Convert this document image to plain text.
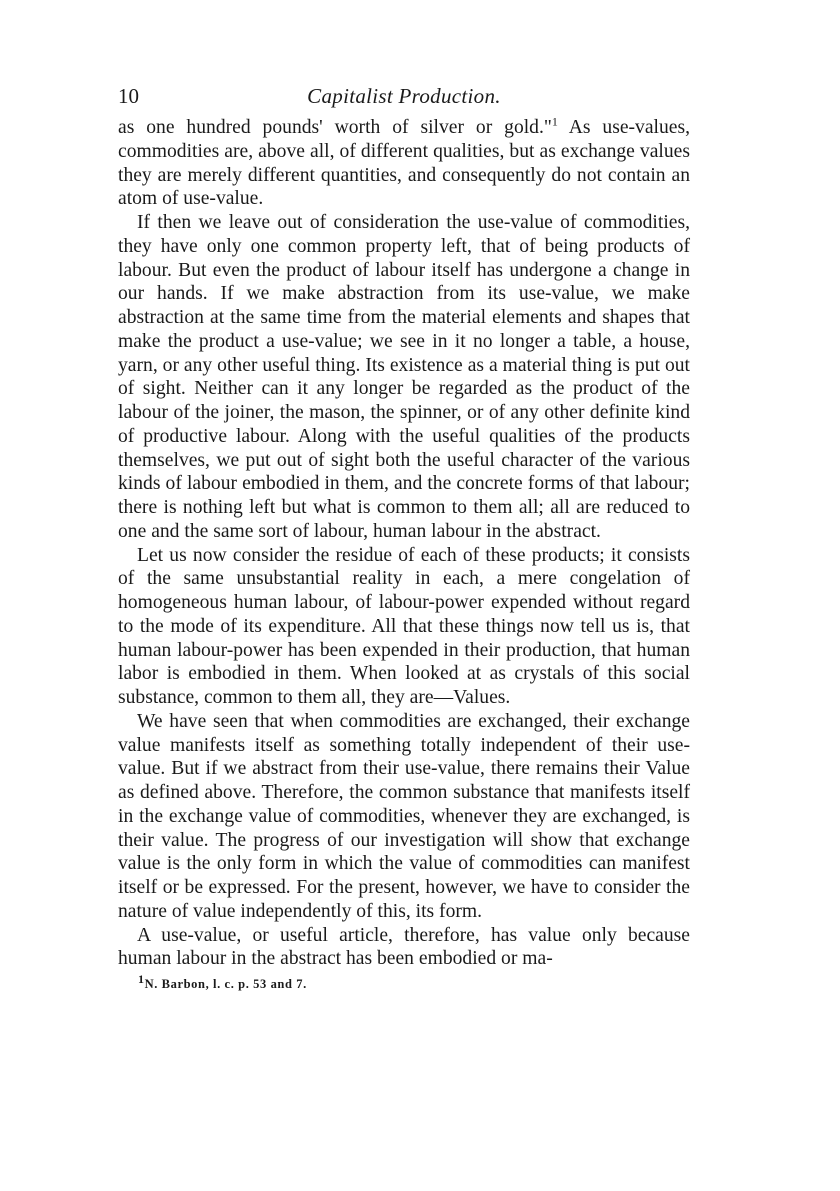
10	Capitalist Production.

as one hundred pounds' worth of silver or gold."$^1$ As use-values, commodities are, above all, of different qualities, but as exchange values they are merely different quantities, and consequently do not contain an atom of use-value.

If then we leave out of consideration the use-value of commodities, they have only one common property left, that of being products of labour. But even the product of labour itself has undergone a change in our hands. If we make abstraction from its use-value, we make abstraction at the same time from the material elements and shapes that make the product a use-value; we see in it no longer a table, a house, yarn, or any other useful thing. Its existence as a material thing is put out of sight. Neither can it any longer be regarded as the product of the labour of the joiner, the mason, the spinner, or of any other definite kind of productive labour. Along with the useful qualities of the products themselves, we put out of sight both the useful character of the various kinds of labour embodied in them, and the concrete forms of that labour; there is nothing left but what is common to them all; all are reduced to one and the same sort of labour, human labour in the abstract.

Let us now consider the residue of each of these products; it consists of the same unsubstantial reality in each, a mere congelation of homogeneous human labour, of labour-power expended without regard to the mode of its expenditure. All that these things now tell us is, that human labour-power has been expended in their production, that human labor is embodied in them. When looked at as crystals of this social substance, common to them all, they are—Values.

We have seen that when commodities are exchanged, their exchange value manifests itself as something totally independent of their use-value. But if we abstract from their use-value, there remains their Value as defined above. Therefore, the common substance that manifests itself in the exchange value of commodities, whenever they are exchanged, is their value. The progress of our investigation will show that exchange value is the only form in which the value of commodities can manifest itself or be expressed. For the present, however, we have to consider the nature of value independently of this, its form.

A use-value, or useful article, therefore, has value only because human labour in the abstract has been embodied or ma-

1N. Barbon, l. c. p. 53 and 7.
